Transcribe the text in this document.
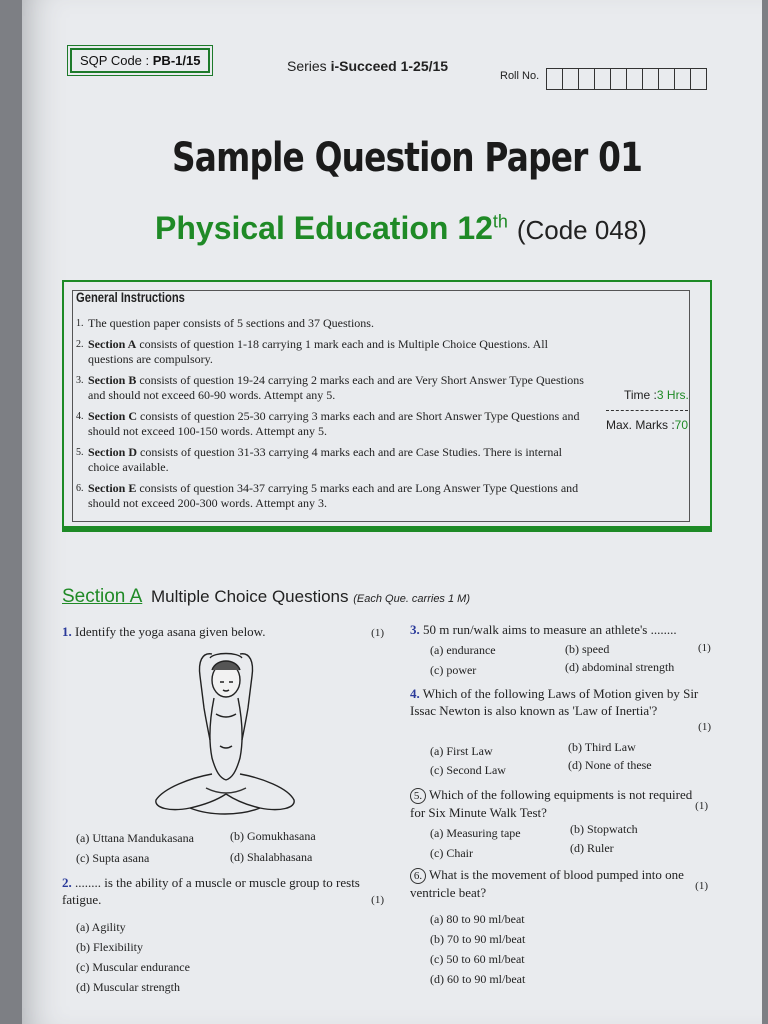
SQP Code : PB-1/15	Series i-Succeed 1-25/15
Roll No.
Sample Question Paper 01
Physical Education 12th (Code 048)
General Instructions
1. The question paper consists of 5 sections and 37 Questions.
2. Section A consists of question 1-18 carrying 1 mark each and is Multiple Choice Questions. All questions are compulsory.
3. Section B consists of question 19-24 carrying 2 marks each and are Very Short Answer Type Questions and should not exceed 60-90 words. Attempt any 5.
4. Section C consists of question 25-30 carrying 3 marks each and are Short Answer Type Questions and should not exceed 100-150 words. Attempt any 5.
5. Section D consists of question 31-33 carrying 4 marks each and are Case Studies. There is internal choice available.
6. Section E consists of question 34-37 carrying 5 marks each and are Long Answer Type Questions and should not exceed 200-300 words. Attempt any 3.
Time :3 Hrs.
Max. Marks :70
Section A Multiple Choice Questions (Each Que. carries 1 M)
1. Identify the yoga asana given below.	(1)
(a) Uttana Mandukasana	(b) Gomukhasana
(c) Supta asana	(d) Shalabhasana
2. ........ is the ability of a muscle or muscle group to rests fatigue.	(1)
(a) Agility
(b) Flexibility
(c) Muscular endurance
(d) Muscular strength
3. 50 m run/walk aims to measure an athlete's ........
(a) endurance	(b) speed	(1)
(c) power	(d) abdominal strength
4. Which of the following Laws of Motion given by Sir Issac Newton is also known as 'Law of Inertia'?
(1)
(a) First Law	(b) Third Law
(c) Second Law	(d) None of these
5. Which of the following equipments is not required for Six Minute Walk Test?	(1)
(a) Measuring tape	(b) Stopwatch
(c) Chair	(d) Ruler
6. What is the movement of blood pumped into one ventricle beat?	(1)
(a) 80 to 90 ml/beat
(b) 70 to 90 ml/beat
(c) 50 to 60 ml/beat
(d) 60 to 90 ml/beat
